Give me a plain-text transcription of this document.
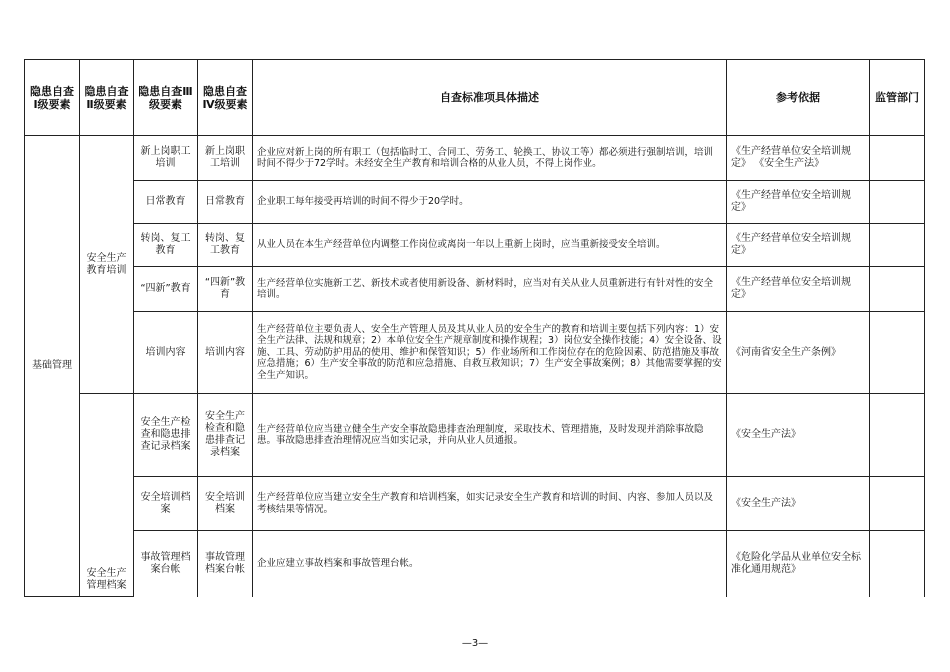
隐患自查Ⅰ级要素	隐患自查Ⅱ级要素	隐患自查Ⅲ级要素	隐患自查Ⅳ级要素	自查标准项具体描述	参考依据	监管部门
基础管理	安全生产教育培训	新上岗职工培训	新上岗职工培训	企业应对新上岗的所有职工（包括临时工、合同工、劳务工、轮换工、协议工等）都必须进行强制培训，培训时间不得少于72学时。未经安全生产教育和培训合格的从业人员，不得上岗作业。	《生产经营单位安全培训规定》 《安全生产法》	
		日常教育	日常教育	企业职工每年接受再培训的时间不得少于20学时。	《生产经营单位安全培训规定》	
		转岗、复工教育	转岗、复工教育	从业人员在本生产经营单位内调整工作岗位或离岗一年以上重新上岗时，应当重新接受安全培训。	《生产经营单位安全培训规定》	
		“四新”教育	“四新”教育	生产经营单位实施新工艺、新技术或者使用新设备、新材料时，应当对有关从业人员重新进行有针对性的安全培训。	《生产经营单位安全培训规定》	
		培训内容	培训内容	生产经营单位主要负责人、安全生产管理人员及其从业人员的安全生产的教育和培训主要包括下列内容：1）安全生产法律、法规和规章；2）本单位安全生产规章制度和操作规程；3）岗位安全操作技能；4）安全设备、设施、工具、劳动防护用品的使用、维护和保管知识；5）作业场所和工作岗位存在的危险因素、防范措施及事故应急措施；6）生产安全事故的防范和应急措施、自救互救知识；7）生产安全事故案例；8）其他需要掌握的安全生产知识。	《河南省安全生产条例》	
	安全生产管理档案	安全生产检查和隐患排查记录档案	安全生产检查和隐患排查记录档案	生产经营单位应当建立健全生产安全事故隐患排查治理制度，采取技术、管理措施，及时发现并消除事故隐患。事故隐患排查治理情况应当如实记录，并向从业人员通报。	《安全生产法》	
		安全培训档案	安全培训档案	生产经营单位应当建立安全生产教育和培训档案，如实记录安全生产教育和培训的时间、内容、参加人员以及考核结果等情况。	《安全生产法》	
		事故管理档案台帐	事故管理档案台帐	企业应建立事故档案和事故管理台帐。	《危险化学品从业单位安全标准化通用规范》	
—3—
